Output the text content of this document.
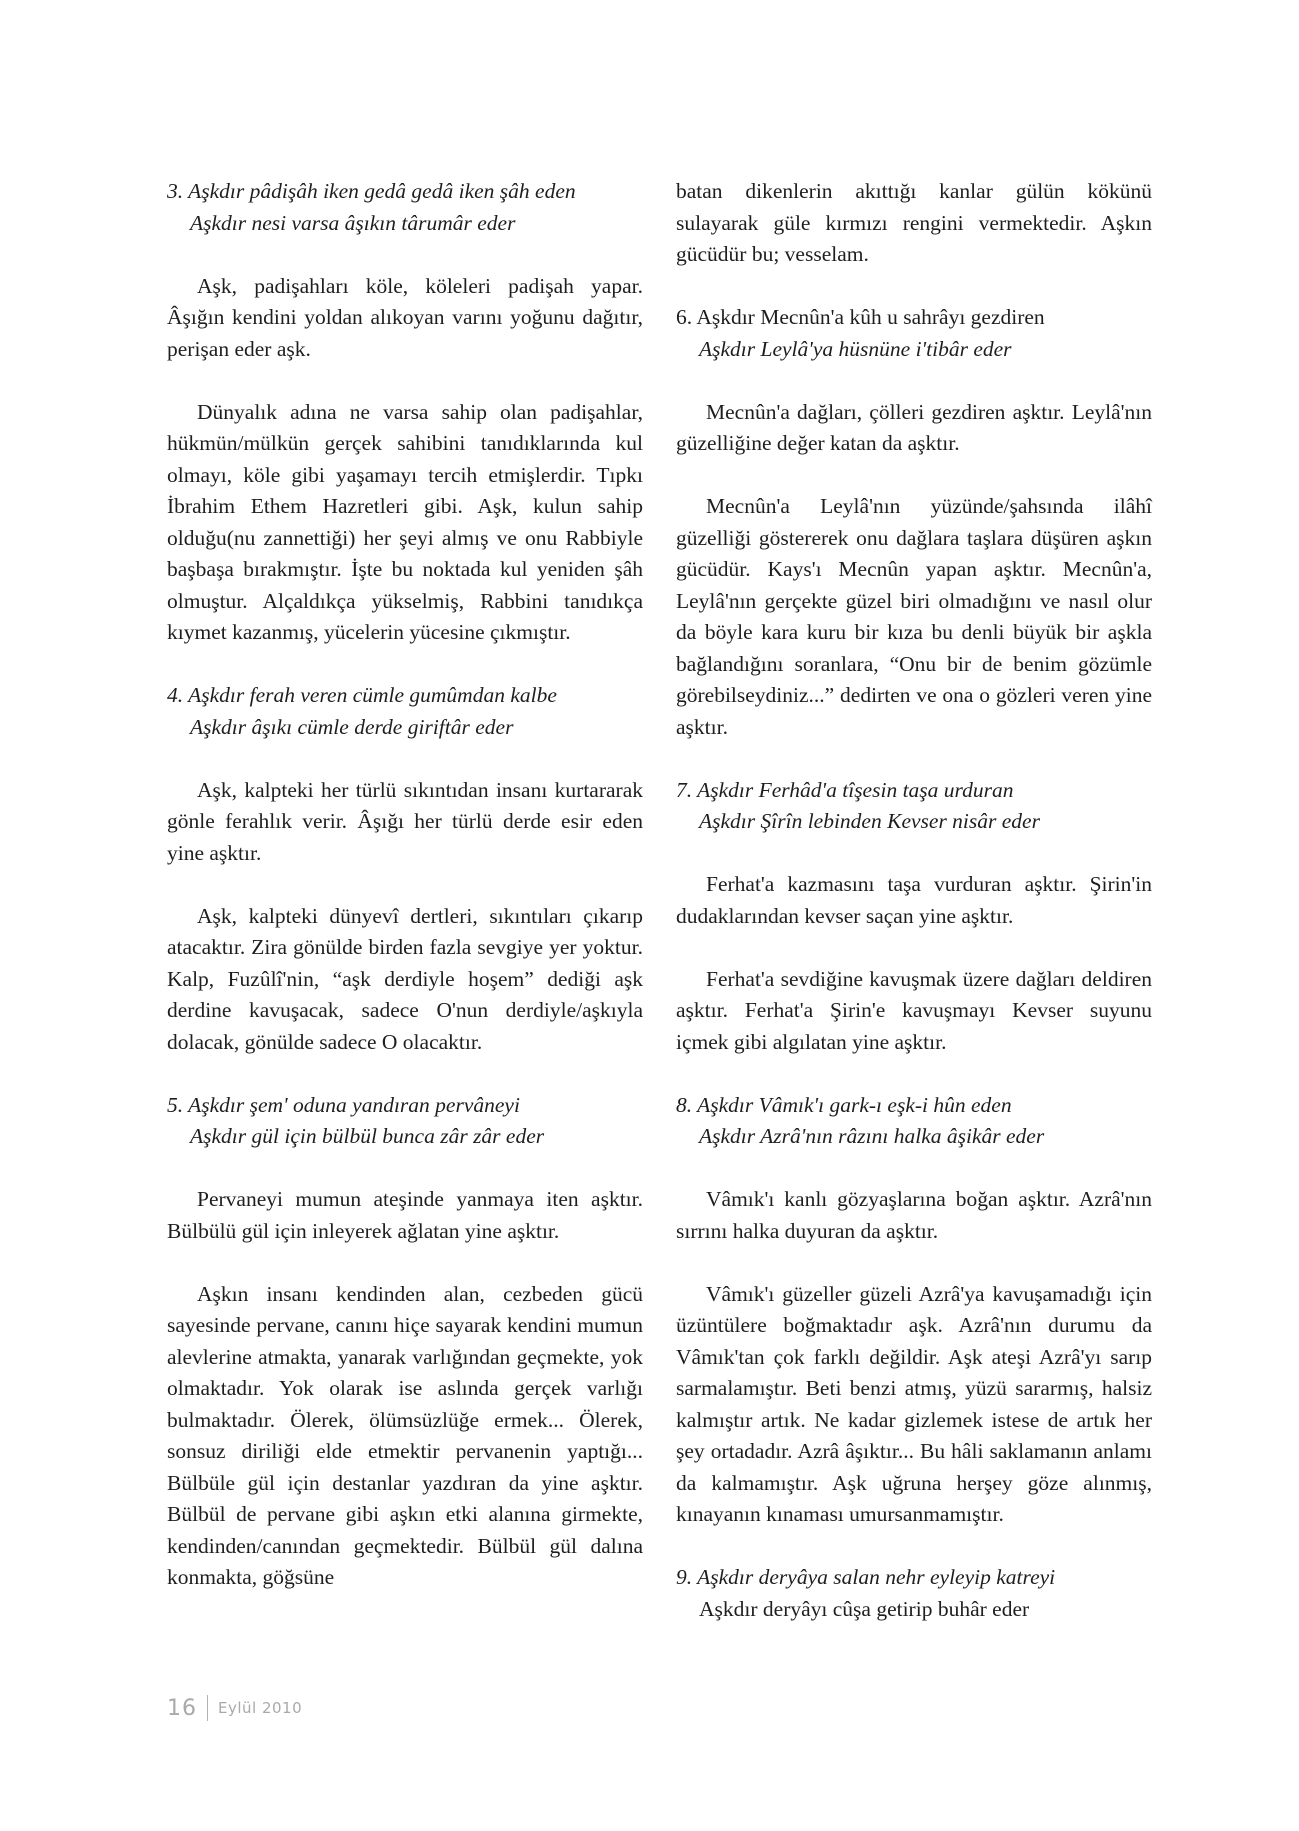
3. Aşkdır pâdişâh iken gedâ gedâ iken şâh eden
Aşkdır nesi varsa âşıkın târumâr eder

Aşk, padişahları köle, köleleri padişah yapar. Âşığın kendini yoldan alıkoyan varını yoğunu dağıtır, perişan eder aşk.

Dünyalık adına ne varsa sahip olan padişahlar, hükmün/mülkün gerçek sahibini tanıdıklarında kul olmayı, köle gibi yaşamayı tercih etmişlerdir. Tıpkı İbrahim Ethem Hazretleri gibi. Aşk, kulun sahip olduğu(nu zannettiği) her şeyi almış ve onu Rabbiyle başbaşa bırakmıştır. İşte bu noktada kul yeniden şâh olmuştur. Alçaldıkça yükselmiş, Rabbini tanıdıkça kıymet kazanmış, yücelerin yücesine çıkmıştır.

4. Aşkdır ferah veren cümle gumûmdan kalbe
Aşkdır âşıkı cümle derde giriftâr eder

Aşk, kalpteki her türlü sıkıntıdan insanı kurtararak gönle ferahlık verir. Âşığı her türlü derde esir eden yine aşktır.

Aşk, kalpteki dünyevî dertleri, sıkıntıları çıkarıp atacaktır. Zira gönülde birden fazla sevgiye yer yoktur. Kalp, Fuzûlî'nin, “aşk derdiyle hoşem” dediği aşk derdine kavuşacak, sadece O'nun derdiyle/aşkıyla dolacak, gönülde sadece O olacaktır.

5. Aşkdır şem' oduna yandıran pervâneyi
Aşkdır gül için bülbül bunca zâr zâr eder

Pervaneyi mumun ateşinde yanmaya iten aşktır. Bülbülü gül için inleyerek ağlatan yine aşktır.

Aşkın insanı kendinden alan, cezbeden gücü sayesinde pervane, canını hiçe sayarak kendini mumun alevlerine atmakta, yanarak varlığından geçmekte, yok olmaktadır. Yok olarak ise aslında gerçek varlığı bulmaktadır. Ölerek, ölümsüzlüğe ermek... Ölerek, sonsuz diriliği elde etmektir pervanenin yaptığı... Bülbüle gül için destanlar yazdıran da yine aşktır. Bülbül de pervane gibi aşkın etki alanına girmekte, kendinden/canından geçmektedir. Bülbül gül dalına konmakta, göğsüne

batan dikenlerin akıttığı kanlar gülün kökünü sulayarak güle kırmızı rengini vermektedir. Aşkın gücüdür bu; vesselam.

6. Aşkdır Mecnûn'a kûh u sahrâyı gezdiren
Aşkdır Leylâ'ya hüsnüne i'tibâr eder

Mecnûn'a dağları, çölleri gezdiren aşktır. Leylâ'nın güzelliğine değer katan da aşktır.

Mecnûn'a Leylâ'nın yüzünde/şahsında ilâhî güzelliği göstererek onu dağlara taşlara düşüren aşkın gücüdür. Kays'ı Mecnûn yapan aşktır. Mecnûn'a, Leylâ'nın gerçekte güzel biri olmadığını ve nasıl olur da böyle kara kuru bir kıza bu denli büyük bir aşkla bağlandığını soranlara, “Onu bir de benim gözümle görebilseydiniz...” dedirten ve ona o gözleri veren yine aşktır.

7. Aşkdır Ferhâd'a tîşesin taşa urduran
Aşkdır Şîrîn lebinden Kevser nisâr eder

Ferhat'a kazmasını taşa vurduran aşktır. Şirin'in dudaklarından kevser saçan yine aşktır.

Ferhat'a sevdiğine kavuşmak üzere dağları deldiren aşktır. Ferhat'a Şirin'e kavuşmayı Kevser suyunu içmek gibi algılatan yine aşktır.

8. Aşkdır Vâmık'ı gark-ı eşk-i hûn eden
Aşkdır Azrâ'nın râzını halka âşikâr eder

Vâmık'ı kanlı gözyaşlarına boğan aşktır. Azrâ'nın sırrını halka duyuran da aşktır.

Vâmık'ı güzeller güzeli Azrâ'ya kavuşamadığı için üzüntülere boğmaktadır aşk. Azrâ'nın durumu da Vâmık'tan çok farklı değildir. Aşk ateşi Azrâ'yı sarıp sarmalamıştır. Beti benzi atmış, yüzü sararmış, halsiz kalmıştır artık. Ne kadar gizlemek istese de artık her şey ortadadır. Azrâ âşıktır... Bu hâli saklamanın anlamı da kalmamıştır. Aşk uğruna herşey göze alınmış, kınayanın kınaması umursanmamıştır.

9. Aşkdır deryâya salan nehr eyleyip katreyi
Aşkdır deryâyı cûşa getirip buhâr eder
16 Eylül 2010
